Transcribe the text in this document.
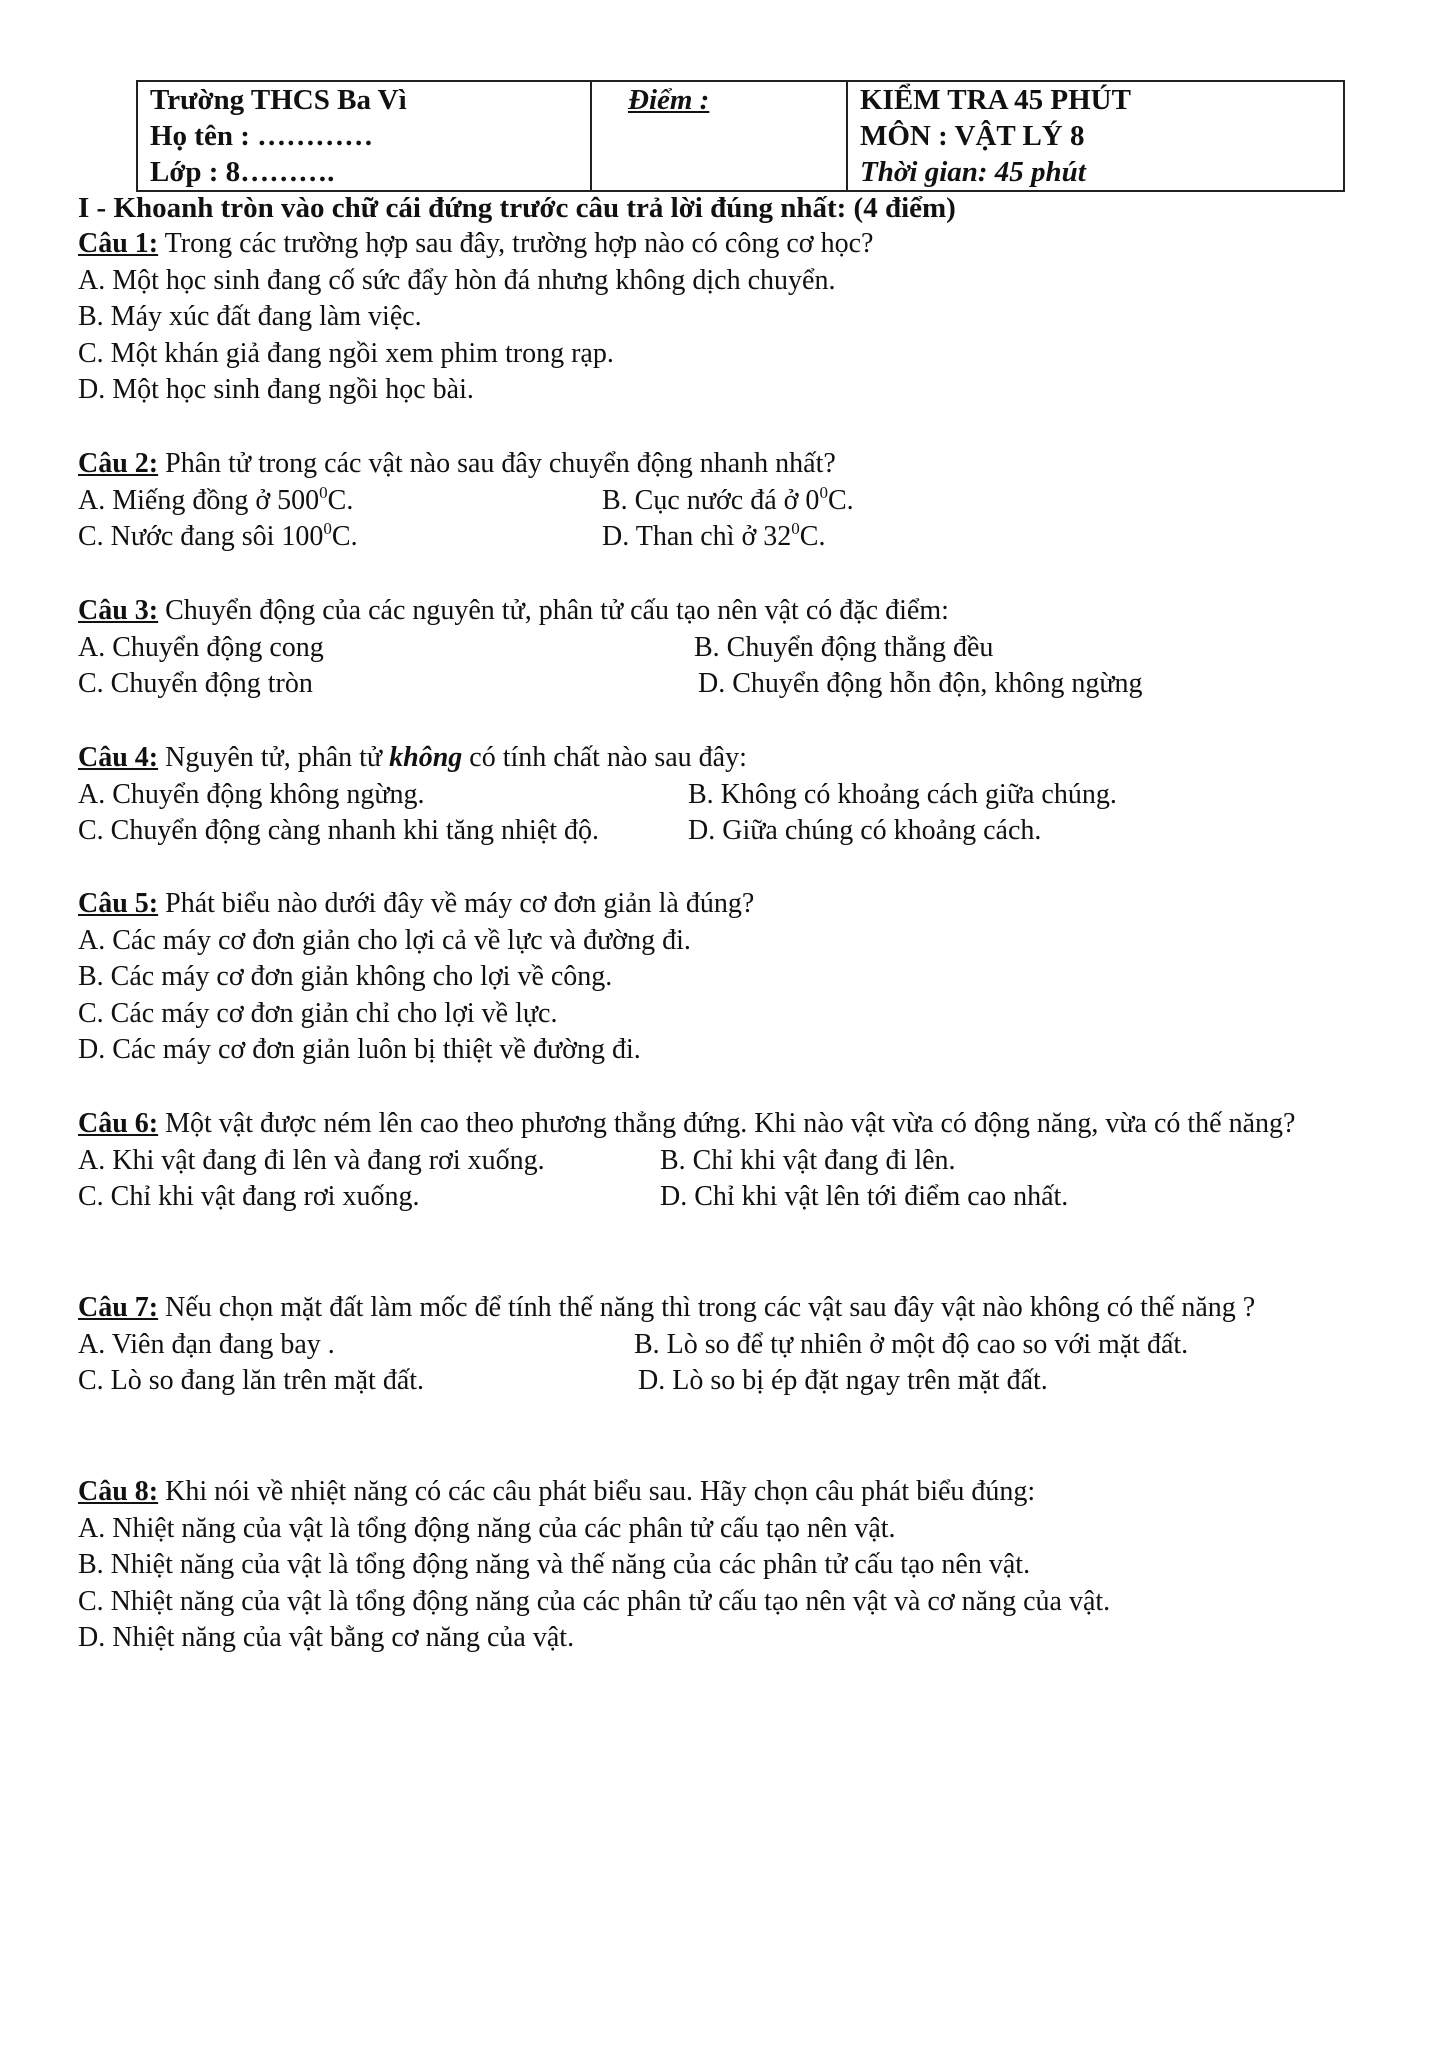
Trường THCS Ba Vì
Họ tên : …………
Lớp : 8……….

Điểm :	KIỂM TRA 45 PHÚT
MÔN : VẬT LÝ 8
Thời gian: 45 phút
I - Khoanh tròn vào chữ cái đứng trước câu trả lời đúng nhất: (4 điểm)
Câu 1: Trong các trường hợp sau đây, trường hợp nào có công cơ học?
A. Một học sinh đang cố sức đẩy hòn đá nhưng không dịch chuyển.
B. Máy xúc đất đang làm việc.
C. Một khán giả đang ngồi xem phim trong rạp.
D. Một học sinh đang ngồi học bài.
Câu 2: Phân tử trong các vật nào sau đây chuyển động nhanh nhất?
A. Miếng đồng ở $500^0C$.	B. Cục nước đá ở $0^0C$.
C. Nước đang sôi $100^0C$.	D. Than chì ở $32^0C$.
Câu 3: Chuyển động của các nguyên tử, phân tử cấu tạo nên vật có đặc điểm:
A. Chuyển động cong	B. Chuyển động thẳng đều
C. Chuyển động tròn	D. Chuyển động hỗn độn, không ngừng
Câu 4: Nguyên tử, phân tử không có tính chất nào sau đây:
A. Chuyển động không ngừng.	B. Không có khoảng cách giữa chúng.
C. Chuyển động càng nhanh khi tăng nhiệt độ.	D. Giữa chúng có khoảng cách.
Câu 5: Phát biểu nào dưới đây về máy cơ đơn giản là đúng?
A. Các máy cơ đơn giản cho lợi cả về lực và đường đi.
B. Các máy cơ đơn giản không cho lợi về công.
C. Các máy cơ đơn giản chỉ cho lợi về lực.
D. Các máy cơ đơn giản luôn bị thiệt về đường đi.
Câu 6: Một vật được ném lên cao theo phương thẳng đứng. Khi nào vật vừa có động năng, vừa có thế năng?
A. Khi vật đang đi lên và đang rơi xuống.	B. Chỉ khi vật đang đi lên.
C. Chỉ khi vật đang rơi xuống.	D. Chỉ khi vật lên tới điểm cao nhất.
Câu 7: Nếu chọn mặt đất làm mốc để tính thế năng thì trong các vật sau đây vật nào không có thế năng ?
A. Viên đạn đang bay .	B. Lò so để tự nhiên ở một độ cao so với mặt đất.
C. Lò so đang lăn trên mặt đất.	D. Lò so bị ép đặt ngay trên mặt đất.
Câu 8: Khi nói về nhiệt năng có các câu phát biểu sau. Hãy chọn câu phát biểu đúng:
A. Nhiệt năng của vật là tổng động năng của các phân tử cấu tạo nên vật.
B. Nhiệt năng của vật là tổng động năng và thế năng của các phân tử cấu tạo nên vật.
C. Nhiệt năng của vật là tổng động năng của các phân tử cấu tạo nên vật và cơ năng của vật.
D. Nhiệt năng của vật bằng cơ năng của vật.
